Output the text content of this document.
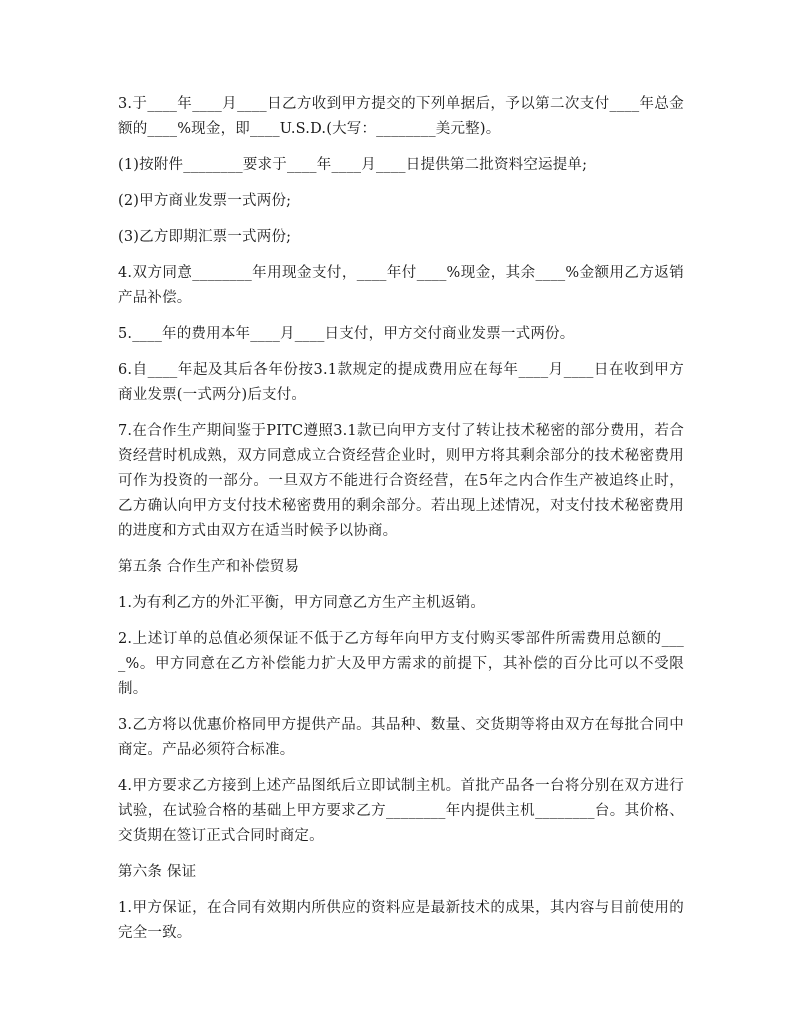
3.于____年____月____日乙方收到甲方提交的下列单据后，予以第二次支付____年总金额的____%现金，即____U.S.D.(大写：________美元整)。

(1)按附件________要求于____年____月____日提供第二批资料空运提单;

(2)甲方商业发票一式两份;

(3)乙方即期汇票一式两份;

4.双方同意________年用现金支付，____年付____%现金，其余____%金额用乙方返销产品补偿。

5.____年的费用本年____月____日支付，甲方交付商业发票一式两份。

6.自____年起及其后各年份按3.1款规定的提成费用应在每年____月____日在收到甲方商业发票(一式两分)后支付。

7.在合作生产期间鉴于PITC遵照3.1款已向甲方支付了转让技术秘密的部分费用，若合资经营时机成熟，双方同意成立合资经营企业时，则甲方将其剩余部分的技术秘密费用可作为投资的一部分。一旦双方不能进行合资经营，在5年之内合作生产被追终止时，乙方确认向甲方支付技术秘密费用的剩余部分。若出现上述情况，对支付技术秘密费用的进度和方式由双方在适当时候予以协商。

第五条 合作生产和补偿贸易

1.为有利乙方的外汇平衡，甲方同意乙方生产主机返销。

2.上述订单的总值必须保证不低于乙方每年向甲方支付购买零部件所需费用总额的____%。甲方同意在乙方补偿能力扩大及甲方需求的前提下，其补偿的百分比可以不受限制。

3.乙方将以优惠价格同甲方提供产品。其品种、数量、交货期等将由双方在每批合同中商定。产品必须符合标准。

4.甲方要求乙方接到上述产品图纸后立即试制主机。首批产品各一台将分别在双方进行试验，在试验合格的基础上甲方要求乙方________年内提供主机________台。其价格、交货期在签订正式合同时商定。

第六条 保证

1.甲方保证，在合同有效期内所供应的资料应是最新技术的成果，其内容与目前使用的完全一致。
